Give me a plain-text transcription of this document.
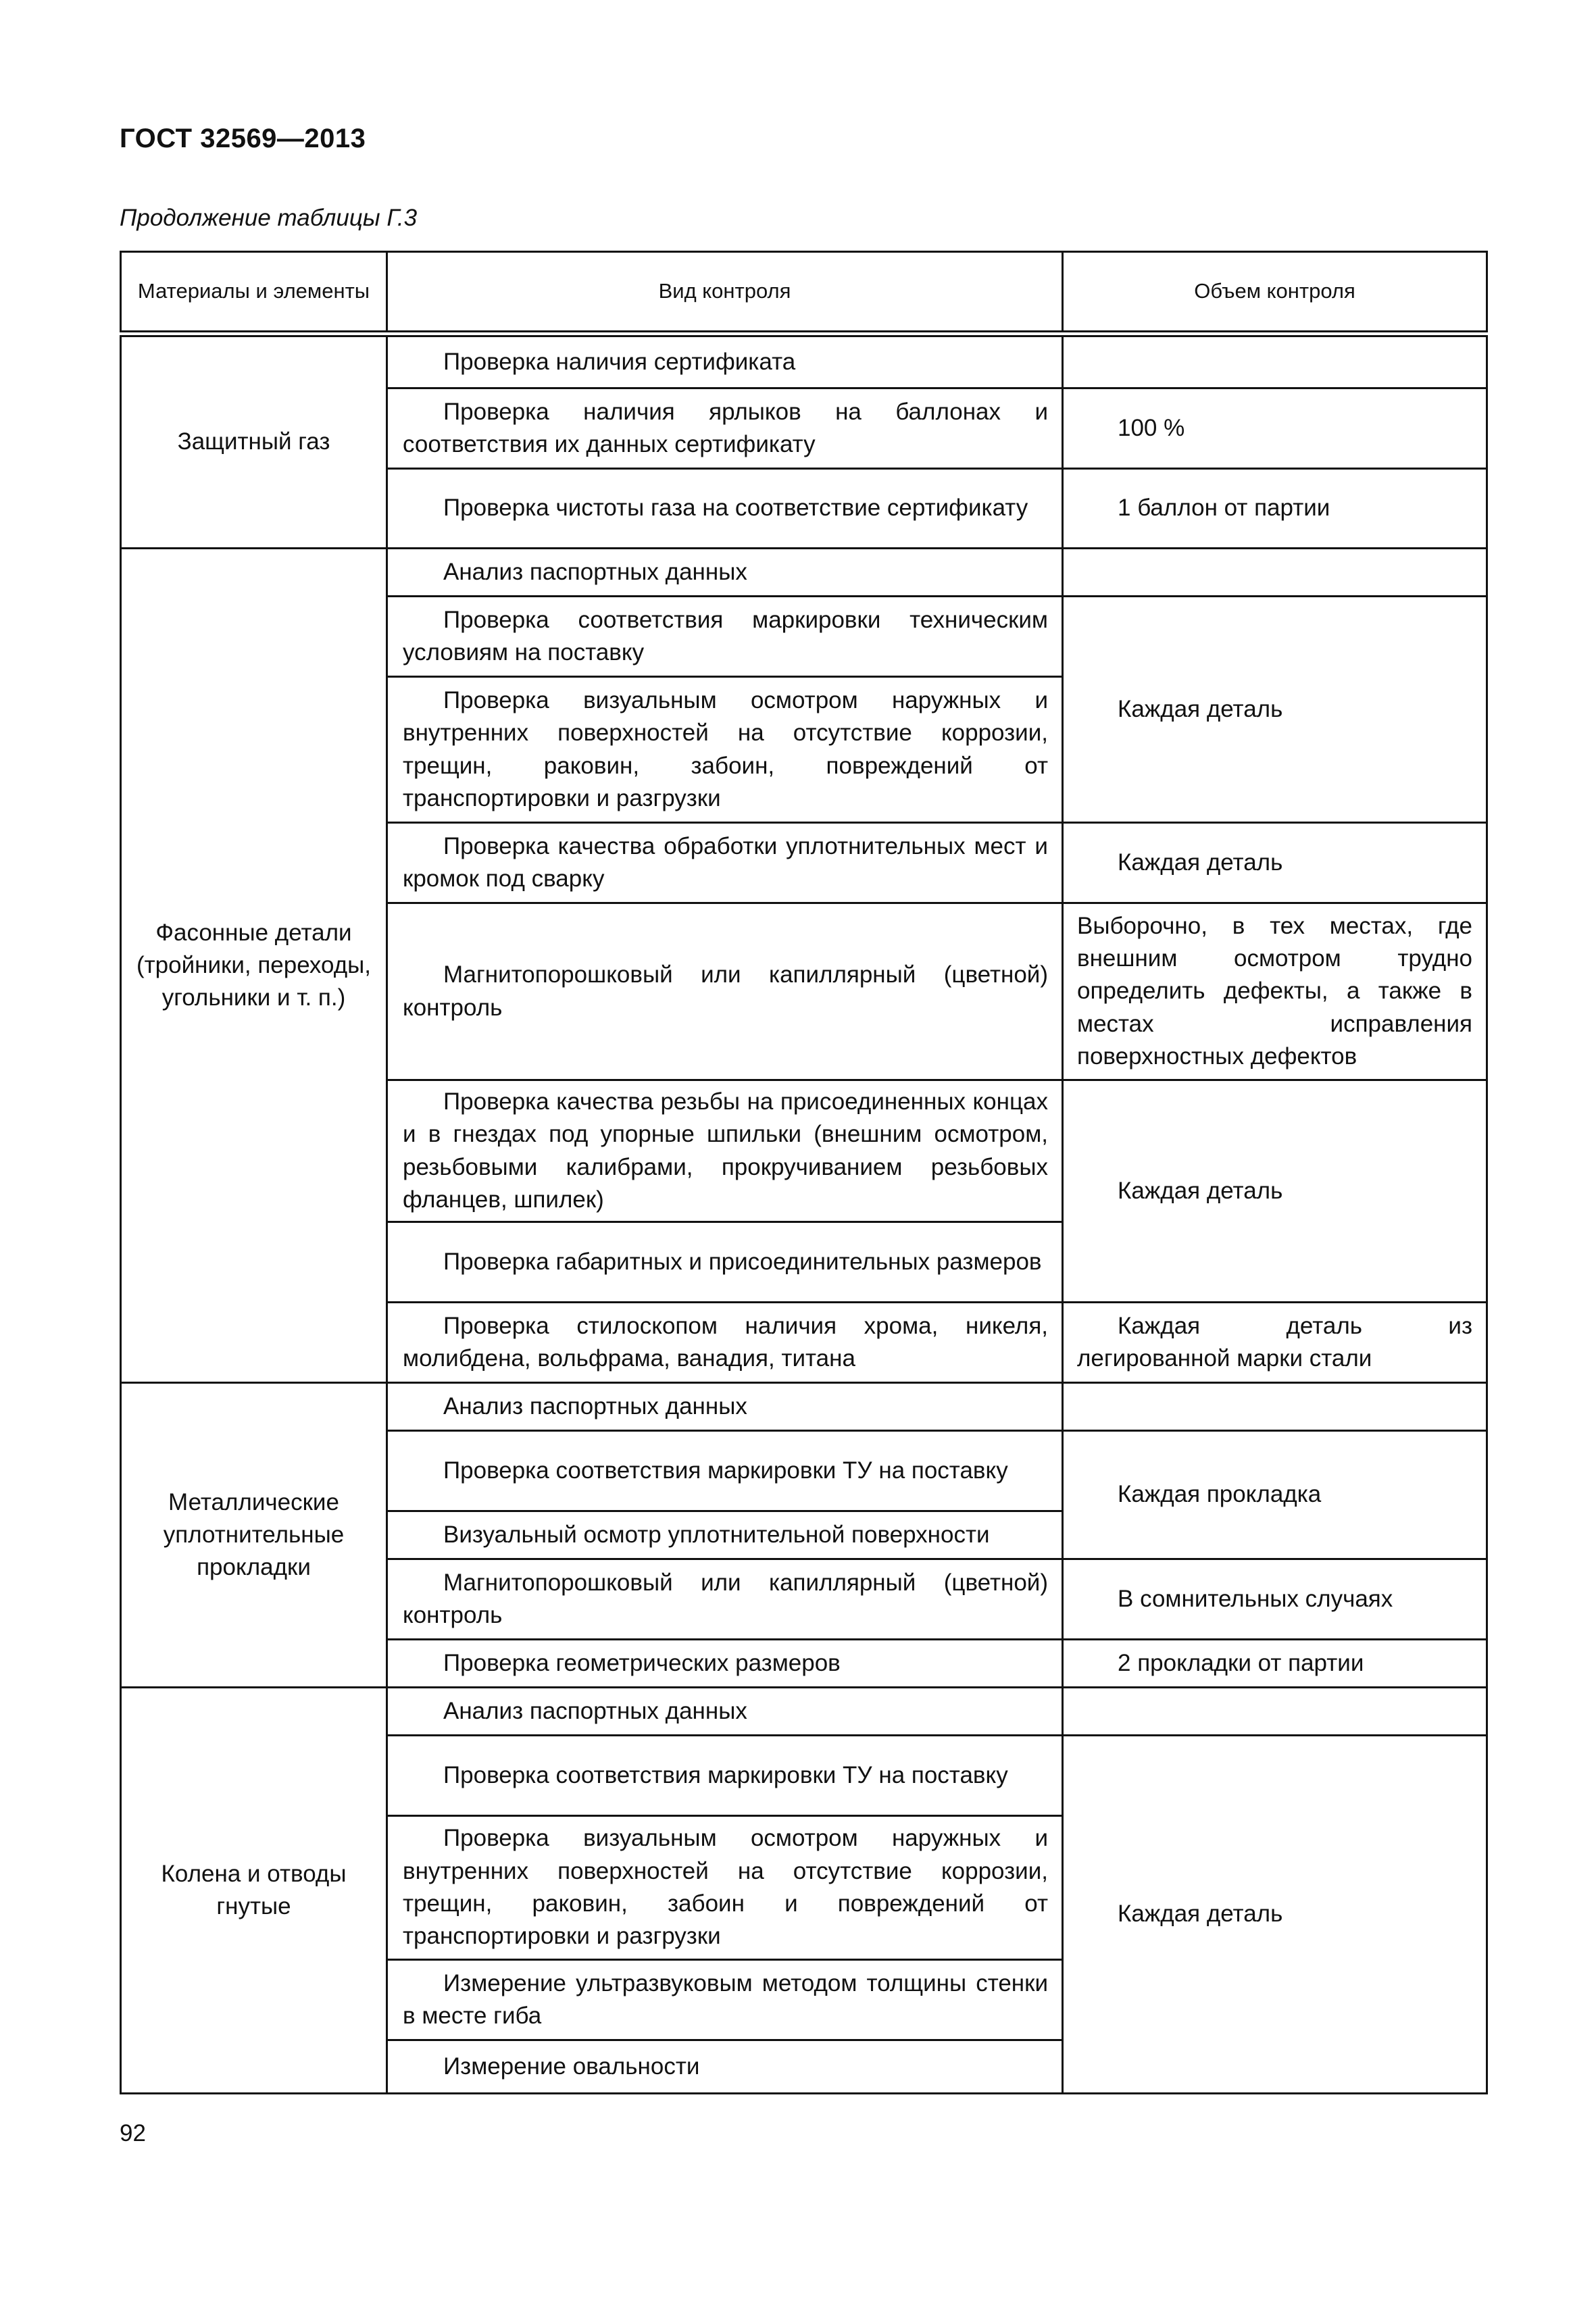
ГОСТ 32569—2013
Продолжение таблицы Г.3
Материалы и элементы	Вид контроля	Объем контроля
Защитный газ	Проверка наличия сертификата	

	Проверка наличия ярлыков на баллонах и соответствия их данных сертификату	100 %

	Проверка чистоты газа на соответствие сертификату	1 баллон от партии

Фасонные детали (тройники, переходы, угольники и т. п.)	Анализ паспортных данных	

	Проверка соответствия маркировки техническим условиям на поставку	Каждая деталь

	Проверка визуальным осмотром наружных и внутренних поверхностей на отсутствие коррозии, трещин, раковин, забоин, повреждений от транспортировки и разгрузки	

	Проверка качества обработки уплотнительных мест и кромок под сварку	Каждая деталь

	Магнитопорошковый или капиллярный (цветной) контроль	Выборочно, в тех местах, где внешним осмотром трудно определить дефекты, а также в местах исправления поверхностных дефектов

	Проверка качества резьбы на присоединенных концах и в гнездах под упорные шпильки (внешним осмотром, резьбовыми калибрами, прокручиванием резьбовых фланцев, шпилек)	Каждая деталь

	Проверка габаритных и присоединительных размеров	

	Проверка стилоскопом наличия хрома, никеля, молибдена, вольфрама, ванадия, титана	Каждая деталь из легированной марки стали

Металлические уплотнительные прокладки	Анализ паспортных данных	

	Проверка соответствия маркировки ТУ на поставку	Каждая прокладка

	Визуальный осмотр уплотнительной поверхности	

	Магнитопорошковый или капиллярный (цветной) контроль	В сомнительных случаях

	Проверка геометрических размеров	2 прокладки от партии

Колена и отводы гнутые	Анализ паспортных данных	

	Проверка соответствия маркировки ТУ на поставку	Каждая деталь

	Проверка визуальным осмотром наружных и внутренних поверхностей на отсутствие коррозии, трещин, раковин, забоин и повреждений от транспортировки и разгрузки	

	Измерение ультразвуковым методом толщины стенки в месте гиба	

	Измерение овальности	
92
